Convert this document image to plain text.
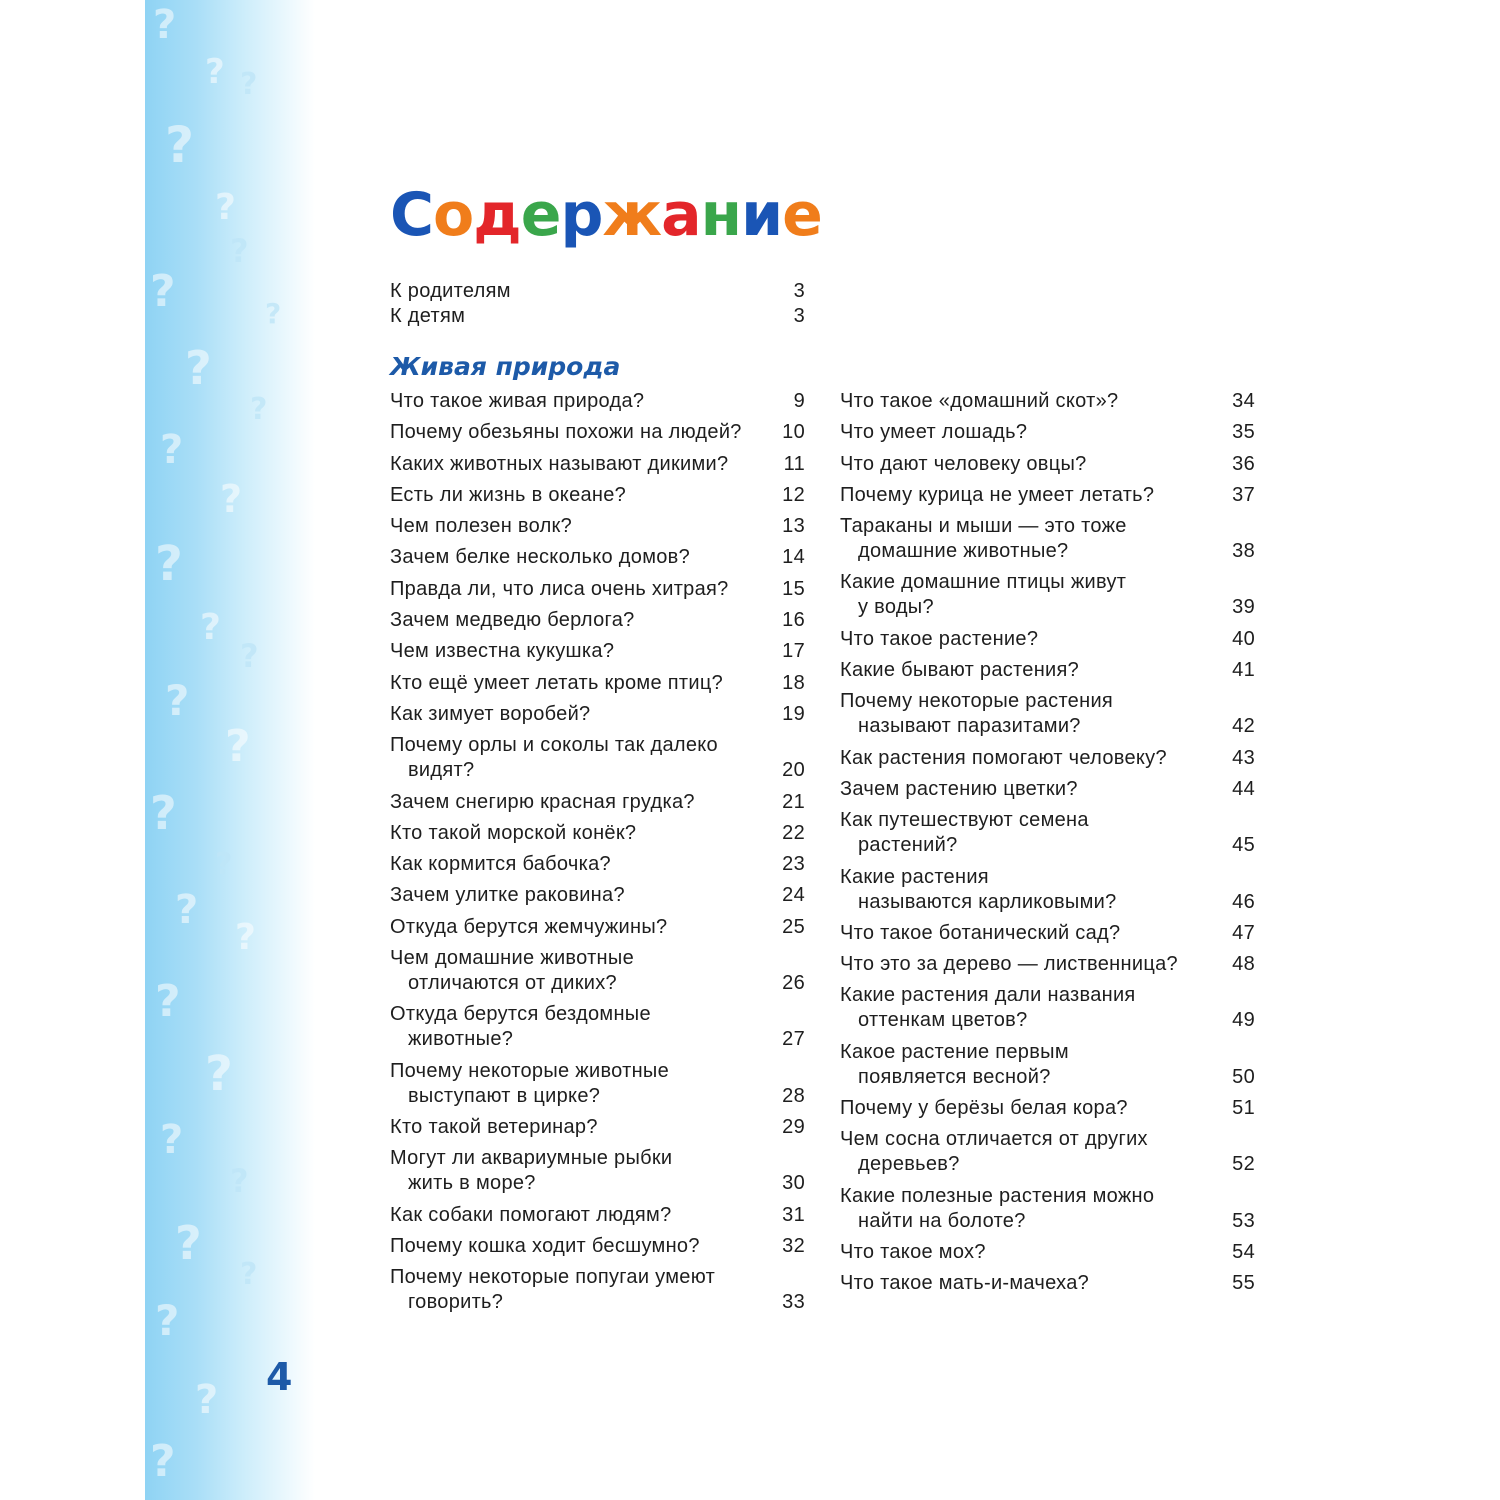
?
? ?
?
?
?
?	?
?
?
?
?
?
?
?
?
?
?
?
?
?
?
?
?
?
?
?
?
?
?
4
Содержание
К родителям	3
К детям	3
Живая природа
Что такое живая природа?	9
Почему обезьяны похожи на людей?	10
Каких животных называют дикими?	11
Есть ли жизнь в океане?	12
Чем полезен волк?	13
Зачем белке несколько домов?	14
Правда ли, что лиса очень хитрая?	15
Зачем медведю берлога?	16
Чем известна кукушка?	17
Кто ещё умеет летать кроме птиц?	18
Как зимует воробей?	19
Почему орлы и соколы так далеко
видят?	20
Зачем снегирю красная грудка?	21
Кто такой морской конёк?	22
Как кормится бабочка?	23
Зачем улитке раковина?	24
Откуда берутся жемчужины?	25
Чем домашние животные
отличаются от диких?	26
Откуда берутся бездомные
животные?	27
Почему некоторые животные
выступают в цирке?	28
Кто такой ветеринар?	29
Могут ли аквариумные рыбки
жить в море?	30
Как собаки помогают людям?	31
Почему кошка ходит бесшумно?	32
Почему некоторые попугаи умеют
говорить?	33
Что такое «домашний скот»?	34
Что умеет лошадь?	35
Что дают человеку овцы?	36
Почему курица не умеет летать?	37
Тараканы и мыши — это тоже
домашние животные?	38
Какие домашние птицы живут
у воды?	39
Что такое растение?	40
Какие бывают растения?	41
Почему некоторые растения
называют паразитами?	42
Как растения помогают человеку?	43
Зачем растению цветки?	44
Как путешествуют семена
растений?	45
Какие растения
называются карликовыми?	46
Что такое ботанический сад?	47
Что это за дерево — лиственница?	48
Какие растения дали названия
оттенкам цветов?	49
Какое растение первым
появляется весной?	50
Почему у берёзы белая кора?	51
Чем сосна отличается от других
деревьев?	52
Какие полезные растения можно
найти на болоте?	53
Что такое мох?	54
Что такое мать-и-мачеха?	55
